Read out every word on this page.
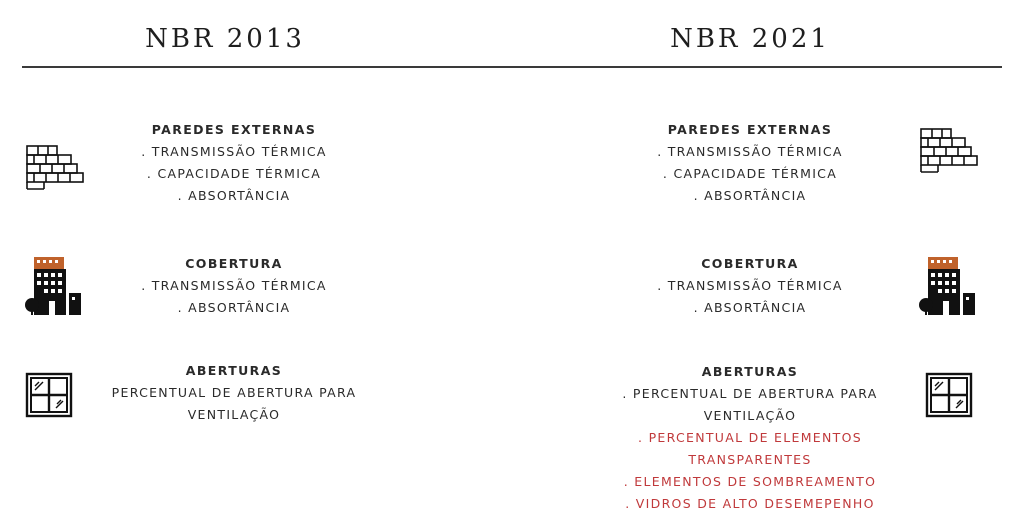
NBR 2013	NBR 2021
PAREDES EXTERNAS
. TRANSMISSÃO TÉRMICA
. CAPACIDADE TÉRMICA
. ABSORTÂNCIA
COBERTURA
. TRANSMISSÃO TÉRMICA
. ABSORTÂNCIA
ABERTURAS
PERCENTUAL DE ABERTURA PARA
VENTILAÇÃO
PAREDES EXTERNAS
. TRANSMISSÃO TÉRMICA
. CAPACIDADE TÉRMICA
. ABSORTÂNCIA
COBERTURA
. TRANSMISSÃO TÉRMICA
. ABSORTÂNCIA
ABERTURAS
. PERCENTUAL DE ABERTURA PARA
VENTILAÇÃO
. PERCENTUAL DE ELEMENTOS
TRANSPARENTES
. ELEMENTOS DE SOMBREAMENTO
. VIDROS DE ALTO DESEMEPENHO
